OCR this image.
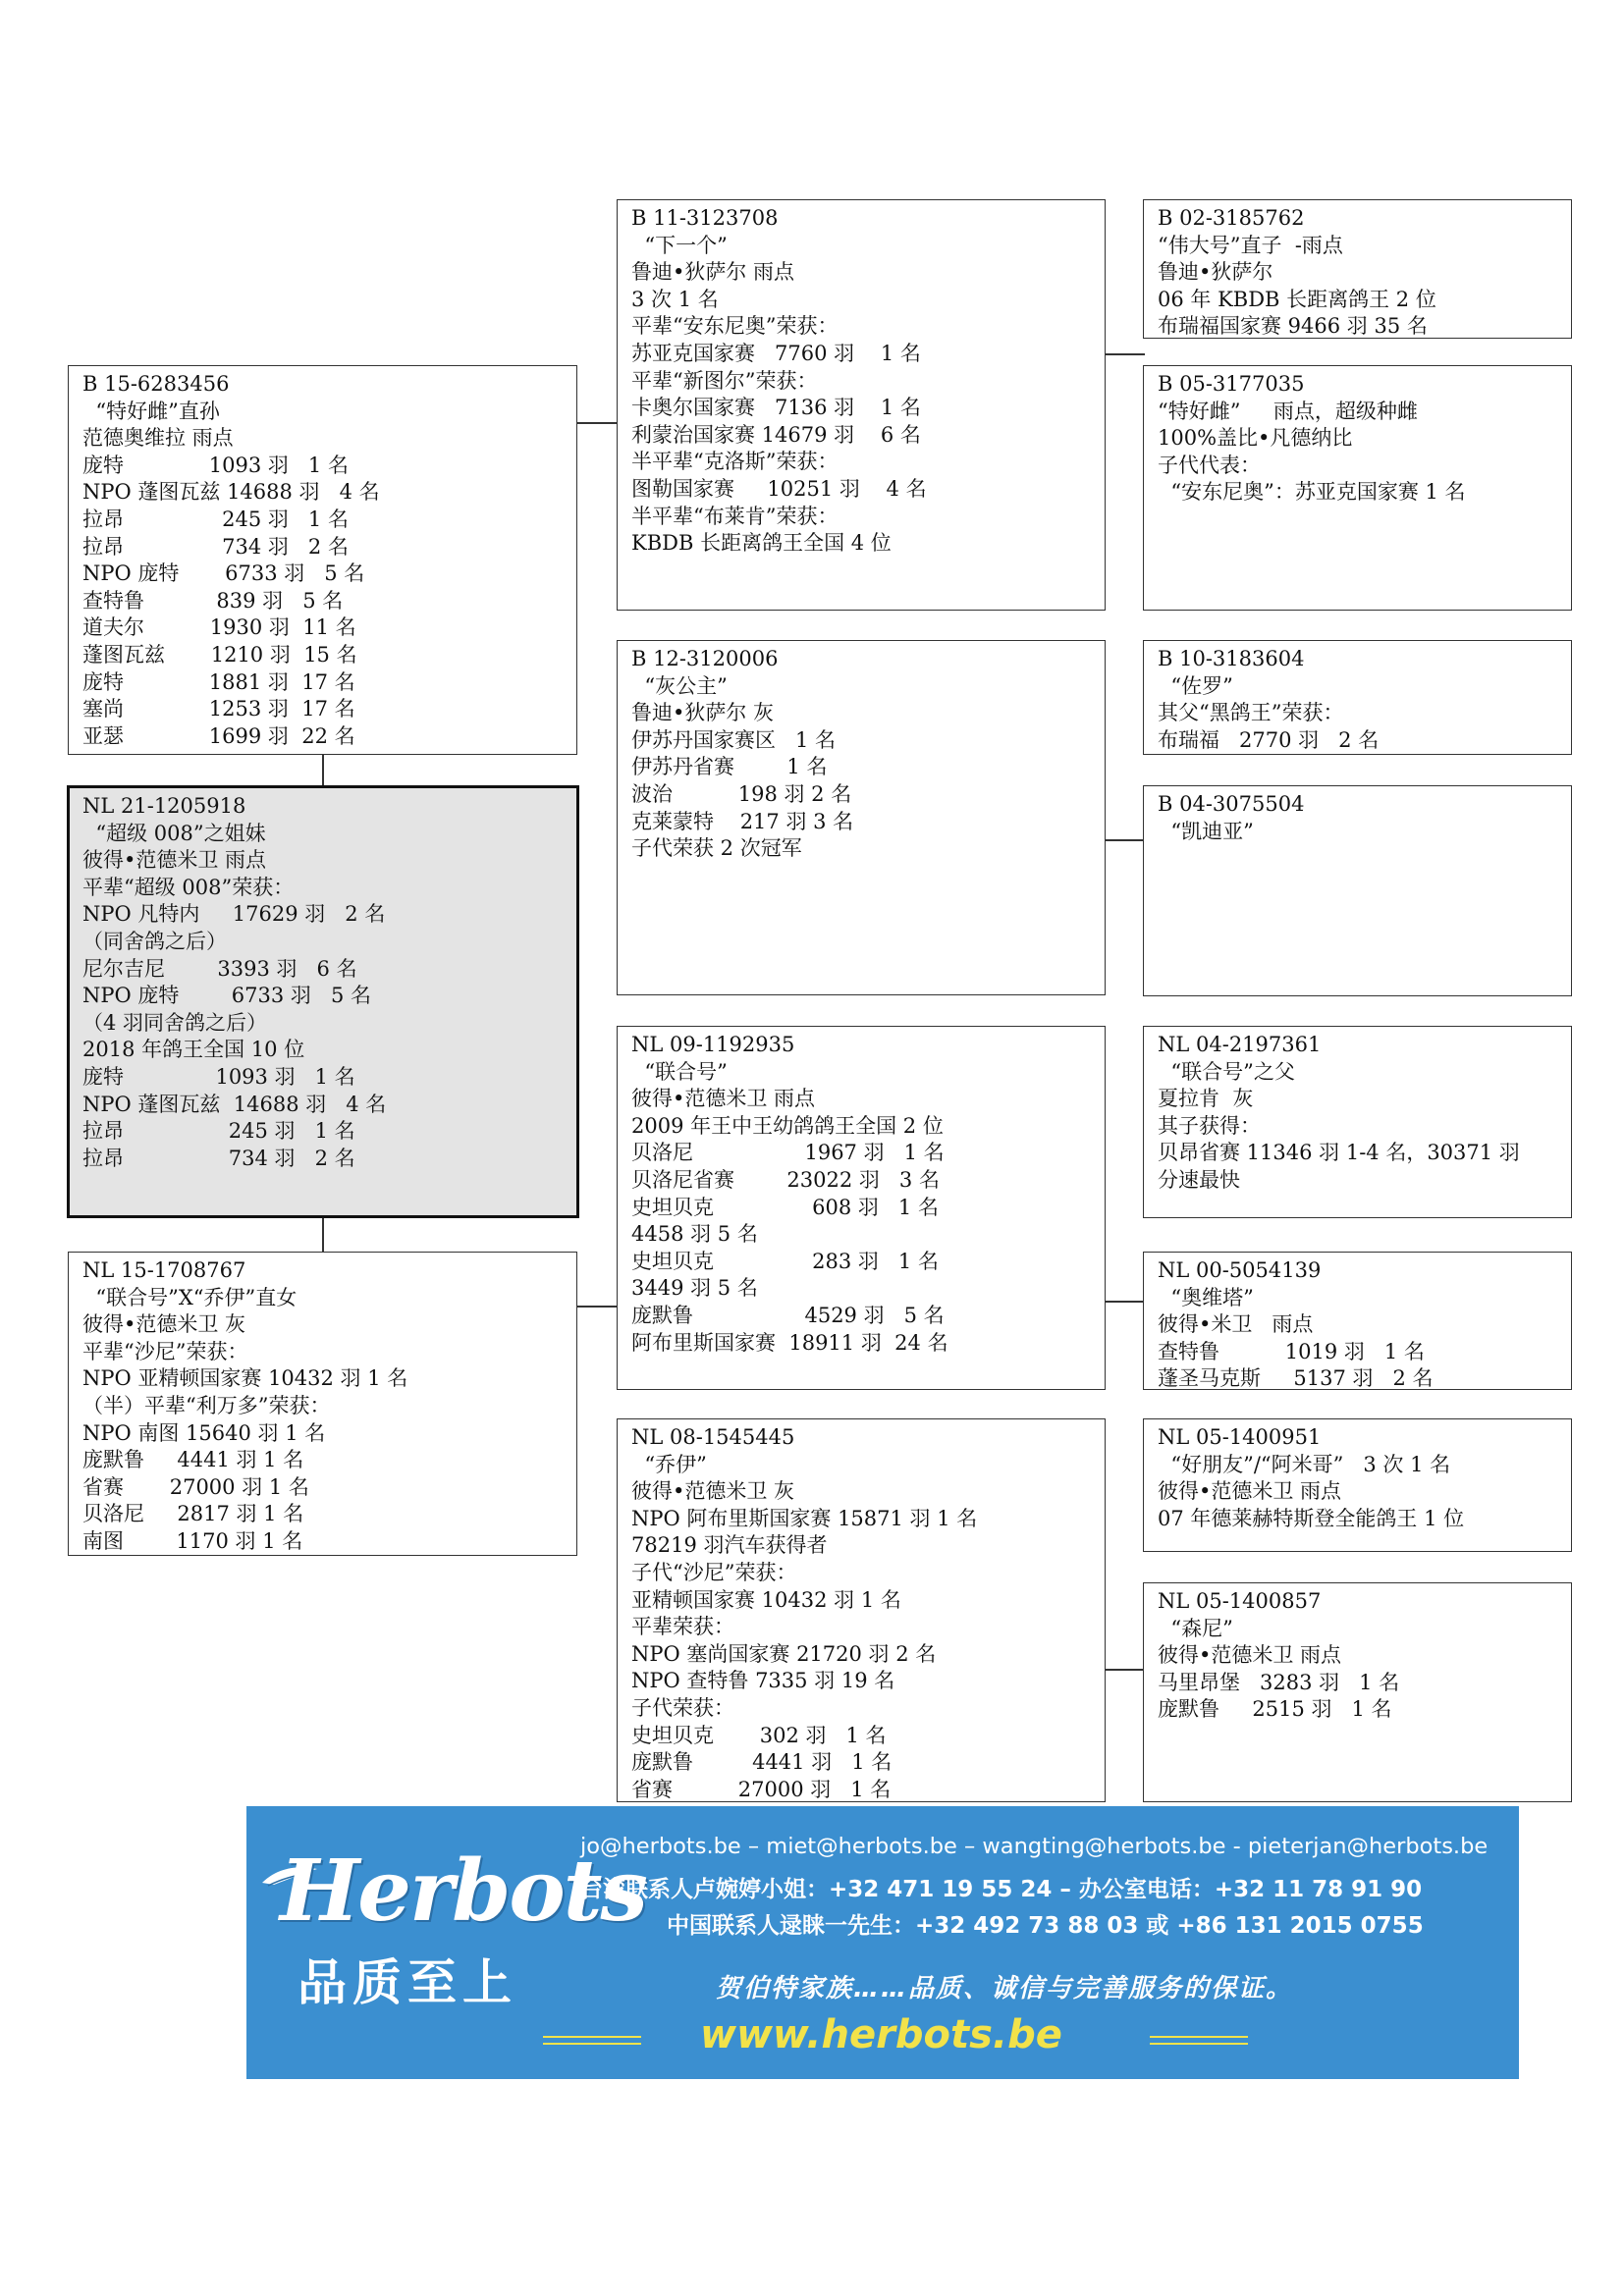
B 02-3185762
“伟大号”直子  -雨点
鲁迪•狄萨尔
06 年 KBDB 长距离鸽王 2 位
布瑞福国家赛 9466 羽 35 名
B 05-3177035
“特好雌”     雨点，超级种雌
100%盖比•凡德纳比
子代代表：
“安东尼奥”：苏亚克国家赛 1 名
B 11-3123708
“下一个”
鲁迪•狄萨尔 雨点
3 次 1 名
平辈“安东尼奥”荣获：
苏亚克国家赛   7760 羽    1 名
平辈“新图尔”荣获：
卡奥尔国家赛   7136 羽    1 名
利蒙治国家赛 14679 羽    6 名
半平辈“克洛斯”荣获：
图勒国家赛     10251 羽    4 名
半平辈“布莱肯”荣获：
KBDB 长距离鸽王全国 4 位
B 15-6283456
“特好雌”直孙
范德奥维拉 雨点
庞特             1093 羽   1 名
NPO 蓬图瓦兹 14688 羽   4 名
拉昂               245 羽   1 名
拉昂               734 羽   2 名
NPO 庞特       6733 羽   5 名
查特鲁           839 羽   5 名
道夫尔          1930 羽  11 名
蓬图瓦兹       1210 羽  15 名
庞特             1881 羽  17 名
塞尚             1253 羽  17 名
亚瑟             1699 羽  22 名
B 10-3183604
“佐罗”
其父“黑鸽王”荣获：
布瑞福   2770 羽   2 名
B 04-3075504
“凯迪亚”
B 12-3120006
“灰公主”
鲁迪•狄萨尔 灰
伊苏丹国家赛区   1 名
伊苏丹省赛        1 名
波治          198 羽 2 名
克莱蒙特    217 羽 3 名
子代荣获 2 次冠军
NL 21-1205918
“超级 008”之姐妹
彼得•范德米卫 雨点
平辈“超级 008”荣获：
NPO 凡特内     17629 羽   2 名
（同舍鸽之后）
尼尔吉尼        3393 羽   6 名
NPO 庞特        6733 羽   5 名
（4 羽同舍鸽之后）
2018 年鸽王全国 10 位
庞特              1093 羽   1 名
NPO 蓬图瓦兹  14688 羽   4 名
拉昂                245 羽   1 名
拉昂                734 羽   2 名
NL 04-2197361
“联合号”之父
夏拉肯  灰
其子获得：
贝昂省赛 11346 羽 1-4 名，30371 羽
分速最快
NL 00-5054139
“奥维塔”
彼得•米卫   雨点
查特鲁          1019 羽   1 名
蓬圣马克斯     5137 羽   2 名
NL 09-1192935
“联合号”
彼得•范德米卫 雨点
2009 年王中王幼鸽鸽王全国 2 位
贝洛尼                 1967 羽   1 名
贝洛尼省赛        23022 羽   3 名
史坦贝克               608 羽   1 名
4458 羽 5 名
史坦贝克               283 羽   1 名
3449 羽 5 名
庞默鲁                 4529 羽   5 名
阿布里斯国家赛  18911 羽  24 名
NL 15-1708767
“联合号”X“乔伊”直女
彼得•范德米卫 灰
平辈“沙尼”荣获：
NPO 亚精顿国家赛 10432 羽 1 名
（半）平辈“利万多”荣获：
NPO 南图 15640 羽 1 名
庞默鲁     4441 羽 1 名
省赛       27000 羽 1 名
贝洛尼     2817 羽 1 名
南图        1170 羽 1 名
NL 05-1400951
“好朋友”/“阿米哥”   3 次 1 名
彼得•范德米卫 雨点
07 年德莱赫特斯登全能鸽王 1 位
NL 05-1400857
“森尼”
彼得•范德米卫 雨点
马里昂堡   3283 羽   1 名
庞默鲁     2515 羽   1 名
NL 08-1545445
“乔伊”
彼得•范德米卫 灰
NPO 阿布里斯国家赛 15871 羽 1 名
78219 羽汽车获得者
子代“沙尼”荣获：
亚精顿国家赛 10432 羽 1 名
平辈荣获：
NPO 塞尚国家赛 21720 羽 2 名
NPO 查特鲁 7335 羽 19 名
子代荣获：
史坦贝克       302 羽   1 名
庞默鲁         4441 羽   1 名
省赛          27000 羽   1 名
Herbots
品质至上
jo@herbots.be – miet@herbots.be – wangting@herbots.be - pieterjan@herbots.be
台湾联系人卢婉婷小姐：+32 471 19 55 24 – 办公室电话：+32 11 78 91 90
中国联系人逯睐一先生：+32 492 73 88 03 或 +86 131 2015 0755
贺伯特家族……品质、诚信与完善服务的保证。
www.herbots.be
